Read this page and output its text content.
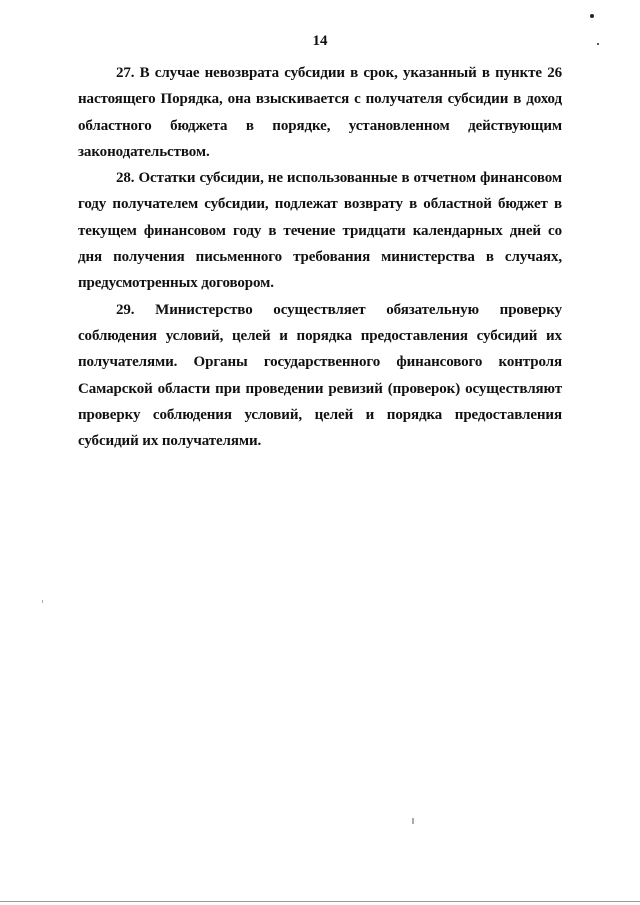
14

27. В случае невозврата субсидии в срок, указанный в пункте 26 настоящего Порядка, она взыскивается с получателя субсидии в доход областного бюджета в порядке, установленном действующим законодательством.

28. Остатки субсидии, не использованные в отчетном финансовом году получателем субсидии, подлежат возврату в областной бюджет в текущем финансовом году в течение тридцати календарных дней со дня получения письменного требования министерства в случаях, предусмотренных договором.

29. Министерство осуществляет обязательную проверку соблюдения условий, целей и порядка предоставления субсидий их получателями. Органы государственного финансового контроля Самарской области при проведении ревизий (проверок) осуществляют проверку соблюдения условий, целей и порядка предоставления субсидий их получателями.
